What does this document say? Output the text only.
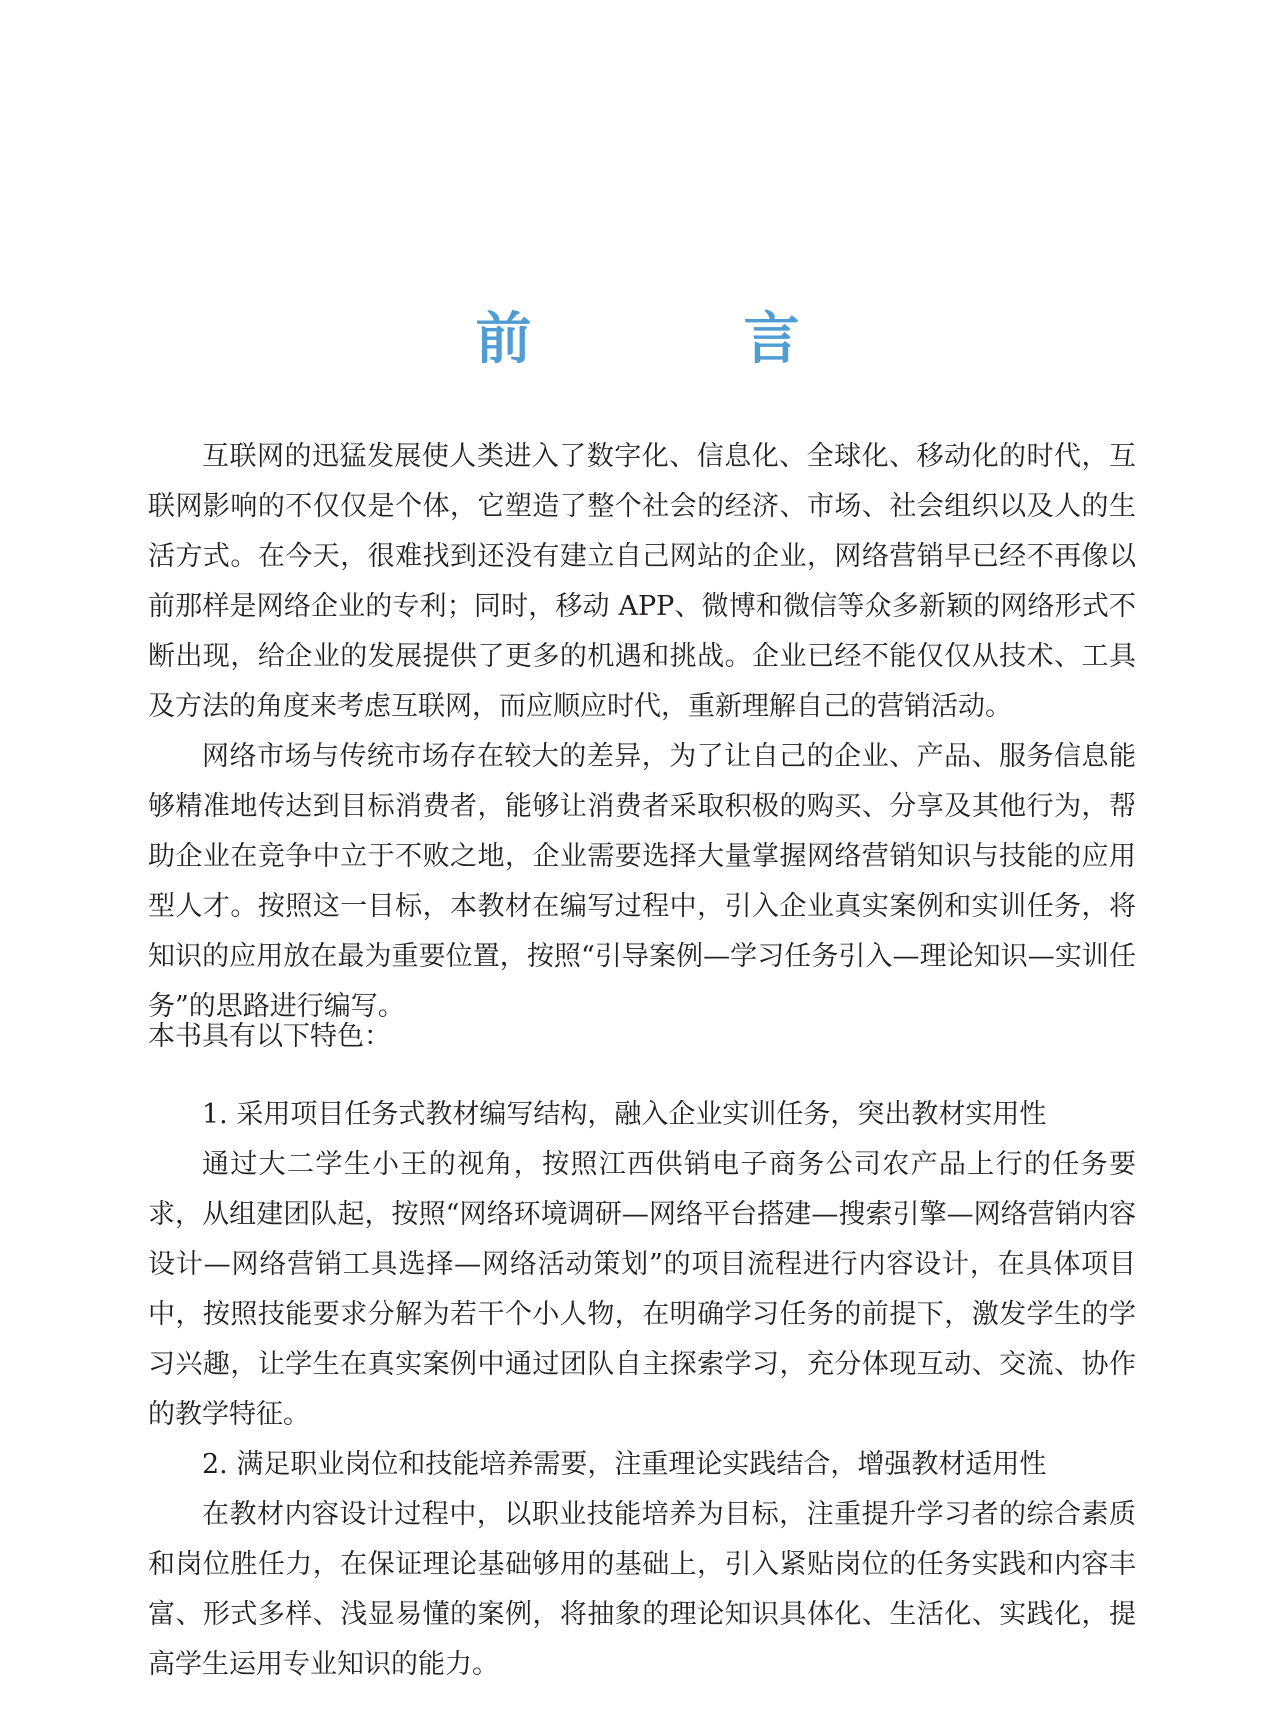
前　言

互联网的迅猛发展使人类进入了数字化、信息化、全球化、移动化的时代，互联网影响的不仅仅是个体，它塑造了整个社会的经济、市场、社会组织以及人的生活方式。在今天，很难找到还没有建立自己网站的企业，网络营销早已经不再像以前那样是网络企业的专利；同时，移动 APP、微博和微信等众多新颖的网络形式不断出现，给企业的发展提供了更多的机遇和挑战。企业已经不能仅仅从技术、工具及方法的角度来考虑互联网，而应顺应时代，重新理解自己的营销活动。

网络市场与传统市场存在较大的差异，为了让自己的企业、产品、服务信息能够精准地传达到目标消费者，能够让消费者采取积极的购买、分享及其他行为，帮助企业在竞争中立于不败之地，企业需要选择大量掌握网络营销知识与技能的应用型人才。按照这一目标，本教材在编写过程中，引入企业真实案例和实训任务，将知识的应用放在最为重要位置，按照“引导案例—学习任务引入—理论知识—实训任务”的思路进行编写。

本书具有以下特色：

1. 采用项目任务式教材编写结构，融入企业实训任务，突出教材实用性

通过大二学生小王的视角，按照江西供销电子商务公司农产品上行的任务要求，从组建团队起，按照“网络环境调研—网络平台搭建—搜索引擎—网络营销内容设计—网络营销工具选择—网络活动策划”的项目流程进行内容设计，在具体项目中，按照技能要求分解为若干个小人物，在明确学习任务的前提下，激发学生的学习兴趣，让学生在真实案例中通过团队自主探索学习，充分体现互动、交流、协作的教学特征。

2. 满足职业岗位和技能培养需要，注重理论实践结合，增强教材适用性

在教材内容设计过程中，以职业技能培养为目标，注重提升学习者的综合素质和岗位胜任力，在保证理论基础够用的基础上，引入紧贴岗位的任务实践和内容丰富、形式多样、浅显易懂的案例，将抽象的理论知识具体化、生活化、实践化，提高学生运用专业知识的能力。
